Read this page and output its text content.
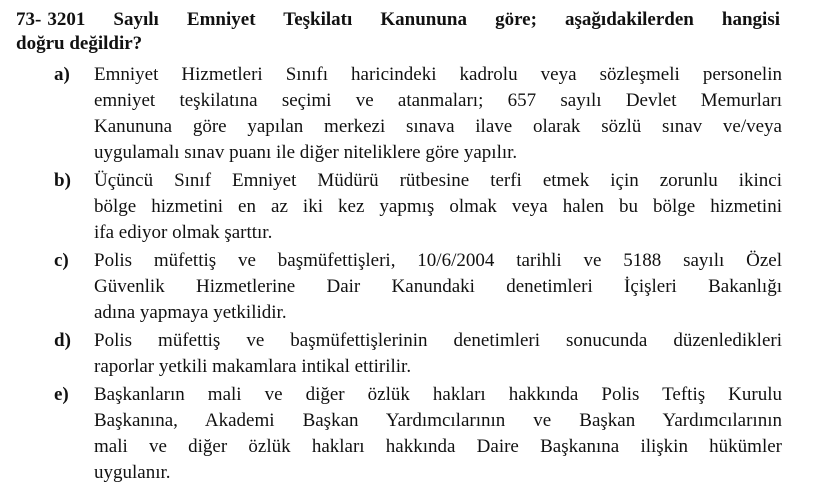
73- 3201 Sayılı Emniyet Teşkilatı Kanununa göre; aşağıdakilerden hangisi
doğru değildir?
a)	Emniyet Hizmetleri Sınıfı haricindeki kadrolu veya sözleşmeli personelin
emniyet teşkilatına seçimi ve atanmaları; 657 sayılı Devlet Memurları
Kanununa göre yapılan merkezi sınava ilave olarak sözlü sınav ve/veya
uygulamalı sınav puanı ile diğer niteliklere göre yapılır.
b)	Üçüncü Sınıf Emniyet Müdürü rütbesine terfi etmek için zorunlu ikinci
bölge hizmetini en az iki kez yapmış olmak veya halen bu bölge hizmetini
ifa ediyor olmak şarttır.
c)	Polis müfettiş ve başmüfettişleri, 10/6/2004 tarihli ve 5188 sayılı Özel
Güvenlik Hizmetlerine Dair Kanundaki denetimleri İçişleri Bakanlığı
adına yapmaya yetkilidir.
d)	Polis müfettiş ve başmüfettişlerinin denetimleri sonucunda düzenledikleri
raporlar yetkili makamlara intikal ettirilir.
e)	Başkanların mali ve diğer özlük hakları hakkında Polis Teftiş Kurulu
Başkanına, Akademi Başkan Yardımcılarının ve Başkan Yardımcılarının
mali ve diğer özlük hakları hakkında Daire Başkanına ilişkin hükümler
uygulanır.
